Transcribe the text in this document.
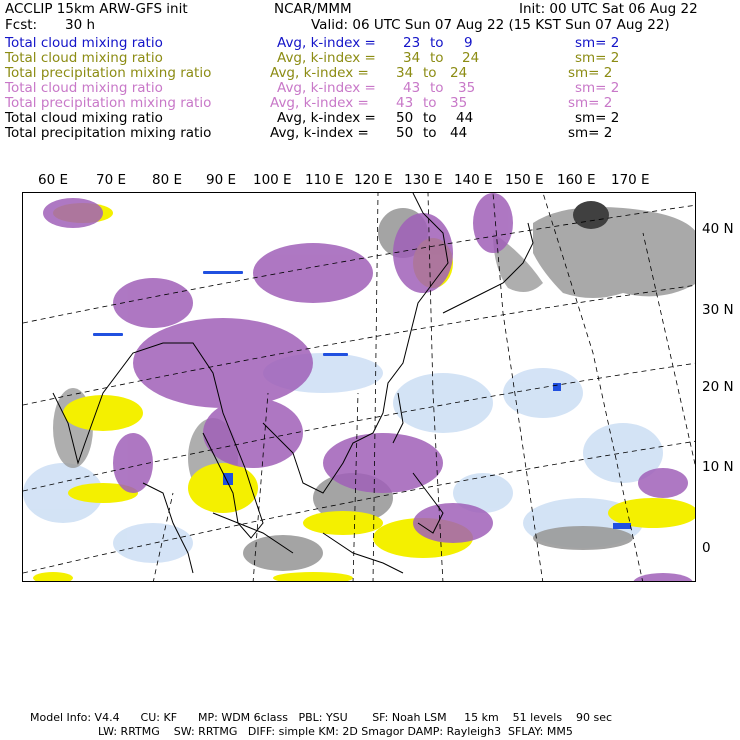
ACCLIP 15km ARW-GFS init	NCAR/MMM	Init: 00 UTC Sat 06 Aug 22
Fcst: 30 h	Valid: 06 UTC Sun 07 Aug 22 (15 KST Sun 07 Aug 22)
Total cloud mixing ratio	Avg, k-index = 23 to 9	sm= 2
Total cloud mixing ratio	Avg, k-index = 34 to 24	sm= 2
Total precipitation mixing ratio	Avg, k-index = 34 to 24	sm= 2
Total cloud mixing ratio	Avg, k-index = 43 to 35	sm= 2
Total precipitation mixing ratio	Avg, k-index = 43 to 35	sm= 2
Total cloud mixing ratio	Avg, k-index = 50 to 44	sm= 2
Total precipitation mixing ratio	Avg, k-index = 50 to 44	sm= 2
60 E 70 E 80 E 90 E 100 E 110 E 120 E 130 E 140 E 150 E 160 E 170 E
40 N
30 N
20 N
10 N
0
Model Info: V4.4      CU: KF      MP: WDM 6class   PBL: YSU       SF: Noah LSM     15 km    51 levels    90 sec
LW: RRTMG    SW: RRTMG   DIFF: simple KM: 2D Smagor DAMP: Rayleigh3  SFLAY: MM5
